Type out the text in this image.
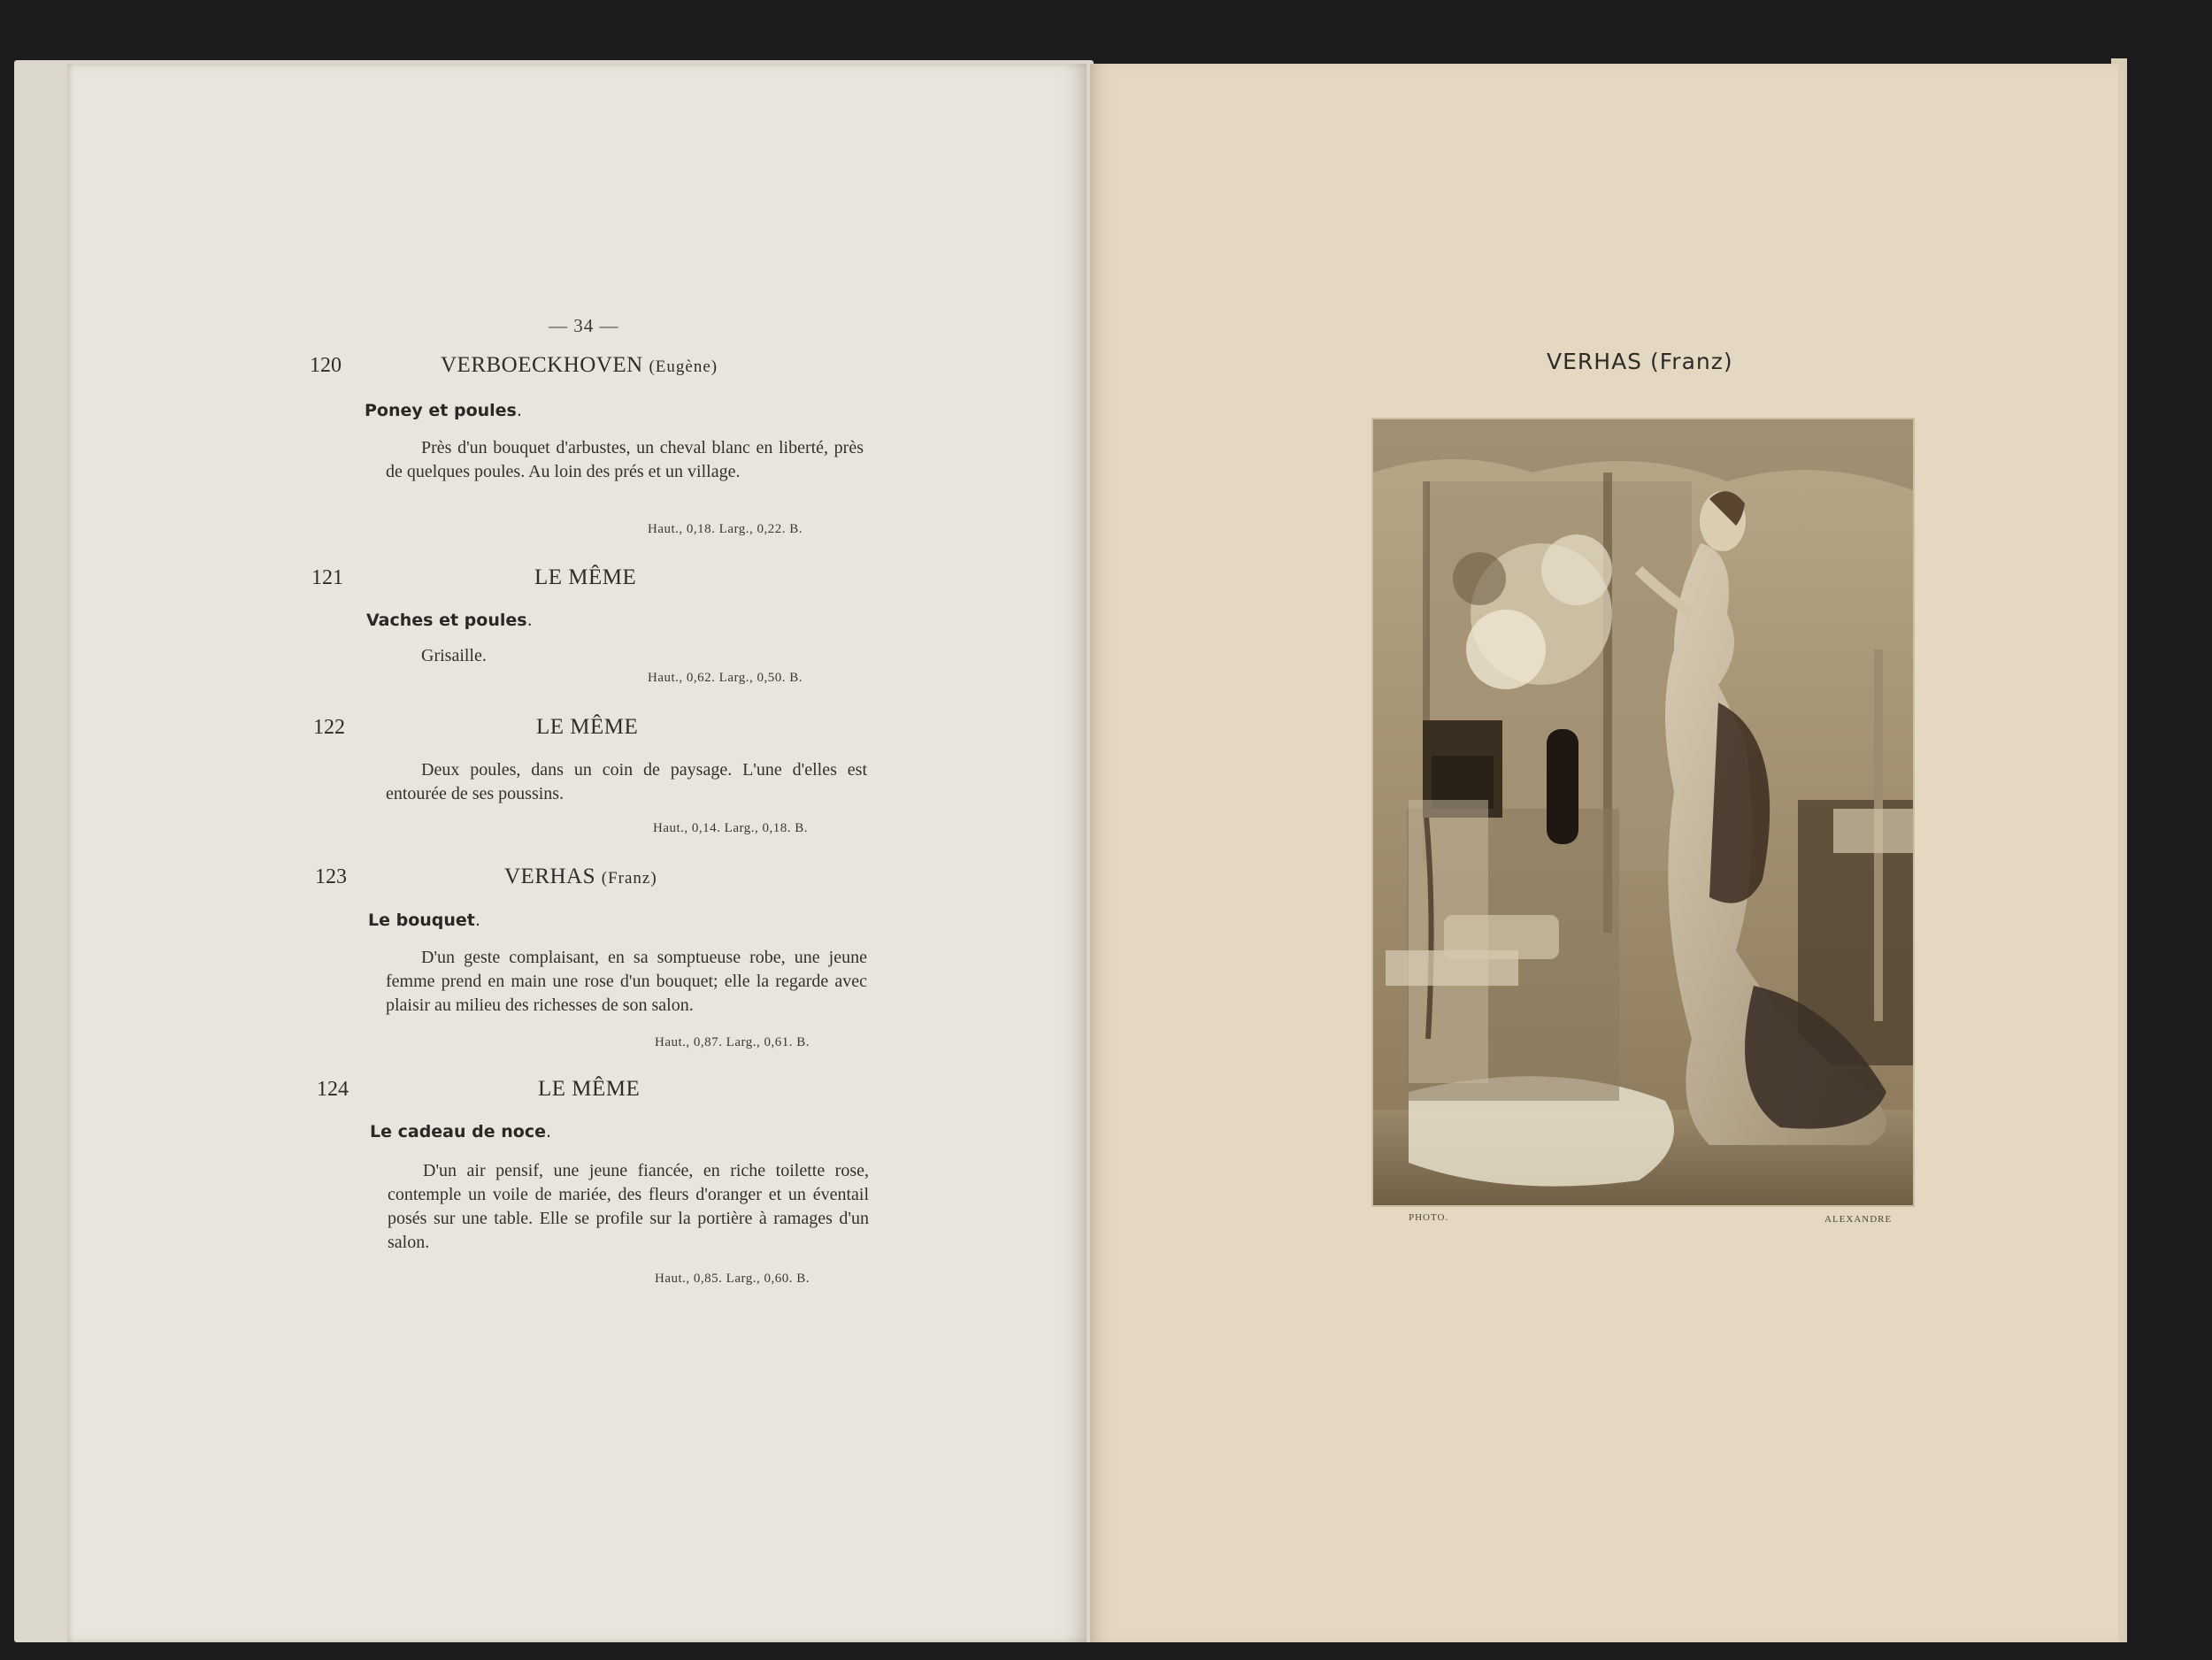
— 34 —
120	VERBOECKHOVEN (Eugène)
Poney et poules.
Près d'un bouquet d'arbustes, un cheval blanc en liberté, près de quelques poules. Au loin des prés et un village.
Haut., 0,18. Larg., 0,22. B.
121	LE MÊME
Vaches et poules.
Grisaille.
Haut., 0,62. Larg., 0,50. B.
122	LE MÊME
Deux poules, dans un coin de paysage. L'une d'elles est entourée de ses poussins.
Haut., 0,14. Larg., 0,18. B.
123	VERHAS (Franz)
Le bouquet.
D'un geste complaisant, en sa somptueuse robe, une jeune femme prend en main une rose d'un bouquet; elle la regarde avec plaisir au milieu des richesses de son salon.
Haut., 0,87. Larg., 0,61. B.
124	LE MÊME
Le cadeau de noce.
D'un air pensif, une jeune fiancée, en riche toilette rose, contemple un voile de mariée, des fleurs d'oranger et un éventail posés sur une table. Elle se profile sur la portière à ramages d'un salon.
Haut., 0,85. Larg., 0,60. B.
VERHAS (Franz)
PHOTO.	ALEXANDRE
